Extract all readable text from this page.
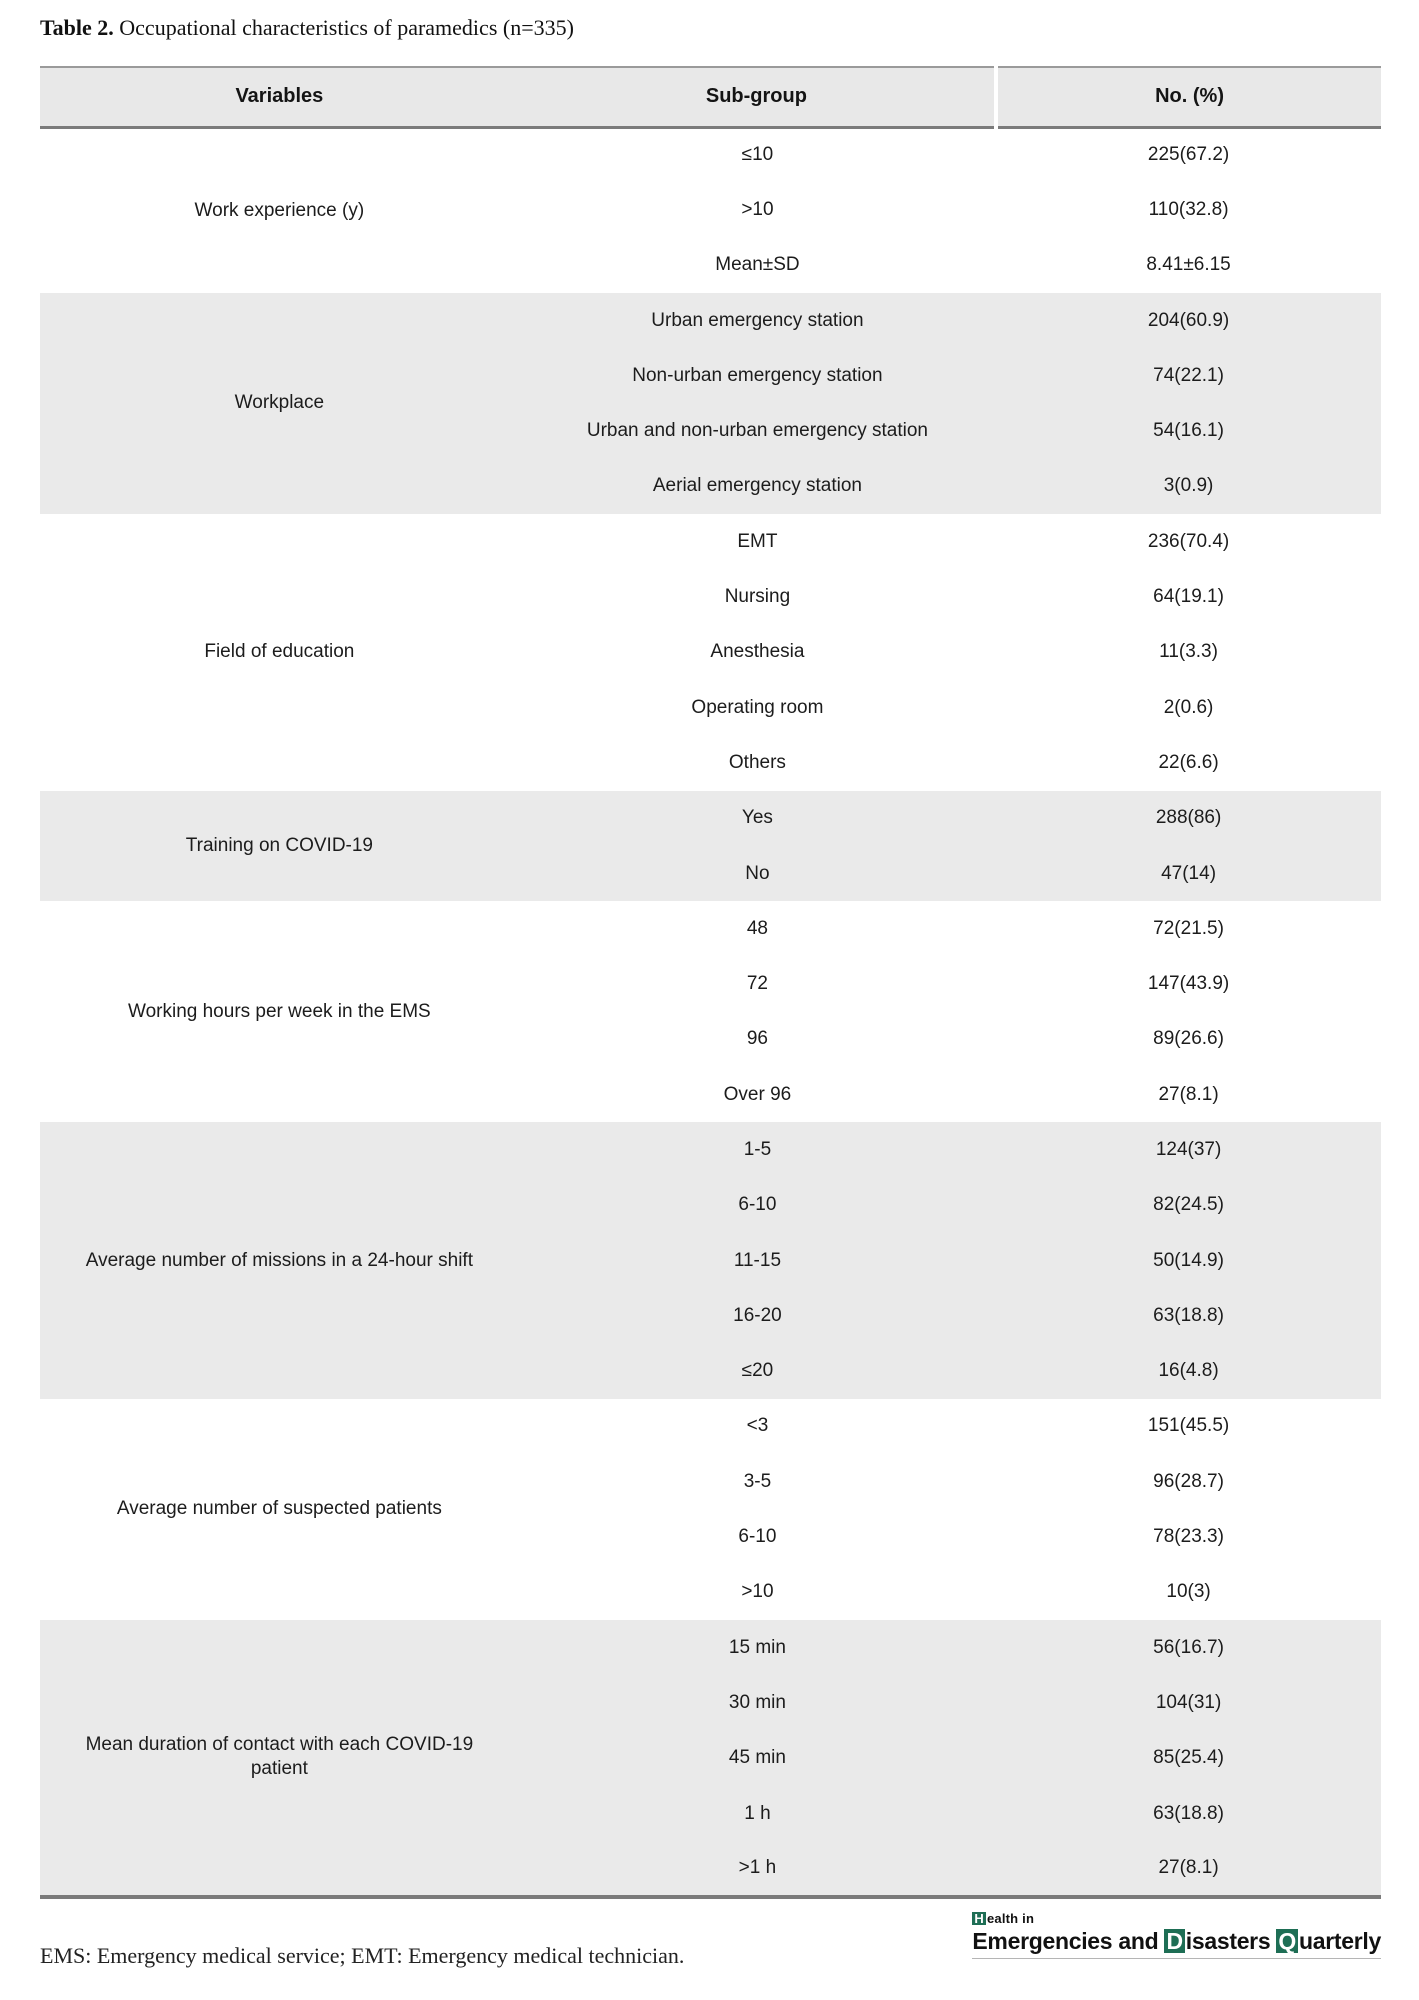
Table 2. Occupational characteristics of paramedics (n=335)
Variables	Sub-group	No. (%)
Work experience (y)	≤10	225(67.2)
	>10	110(32.8)
	Mean±SD	8.41±6.15
Workplace	Urban emergency station	204(60.9)
	Non-urban emergency station	74(22.1)
	Urban and non-urban emergency station	54(16.1)
	Aerial emergency station	3(0.9)
Field of education	EMT	236(70.4)
	Nursing	64(19.1)
	Anesthesia	11(3.3)
	Operating room	2(0.6)
	Others	22(6.6)
Training on COVID-19	Yes	288(86)
	No	47(14)
Working hours per week in the EMS	48	72(21.5)
	72	147(43.9)
	96	89(26.6)
	Over 96	27(8.1)
Average number of missions in a 24-hour shift	1-5	124(37)
	6-10	82(24.5)
	11-15	50(14.9)
	16-20	63(18.8)
	≤20	16(4.8)
Average number of suspected patients	<3	151(45.5)
	3-5	96(28.7)
	6-10	78(23.3)
	>10	10(3)
Mean duration of contact with each COVID-19 patient	15 min	56(16.7)
	30 min	104(31)
	45 min	85(25.4)
	1 h	63(18.8)
	>1 h	27(8.1)
EMS: Emergency medical service; EMT: Emergency medical technician.
H ealth in
Emergencies and D isasters Q uarterly
